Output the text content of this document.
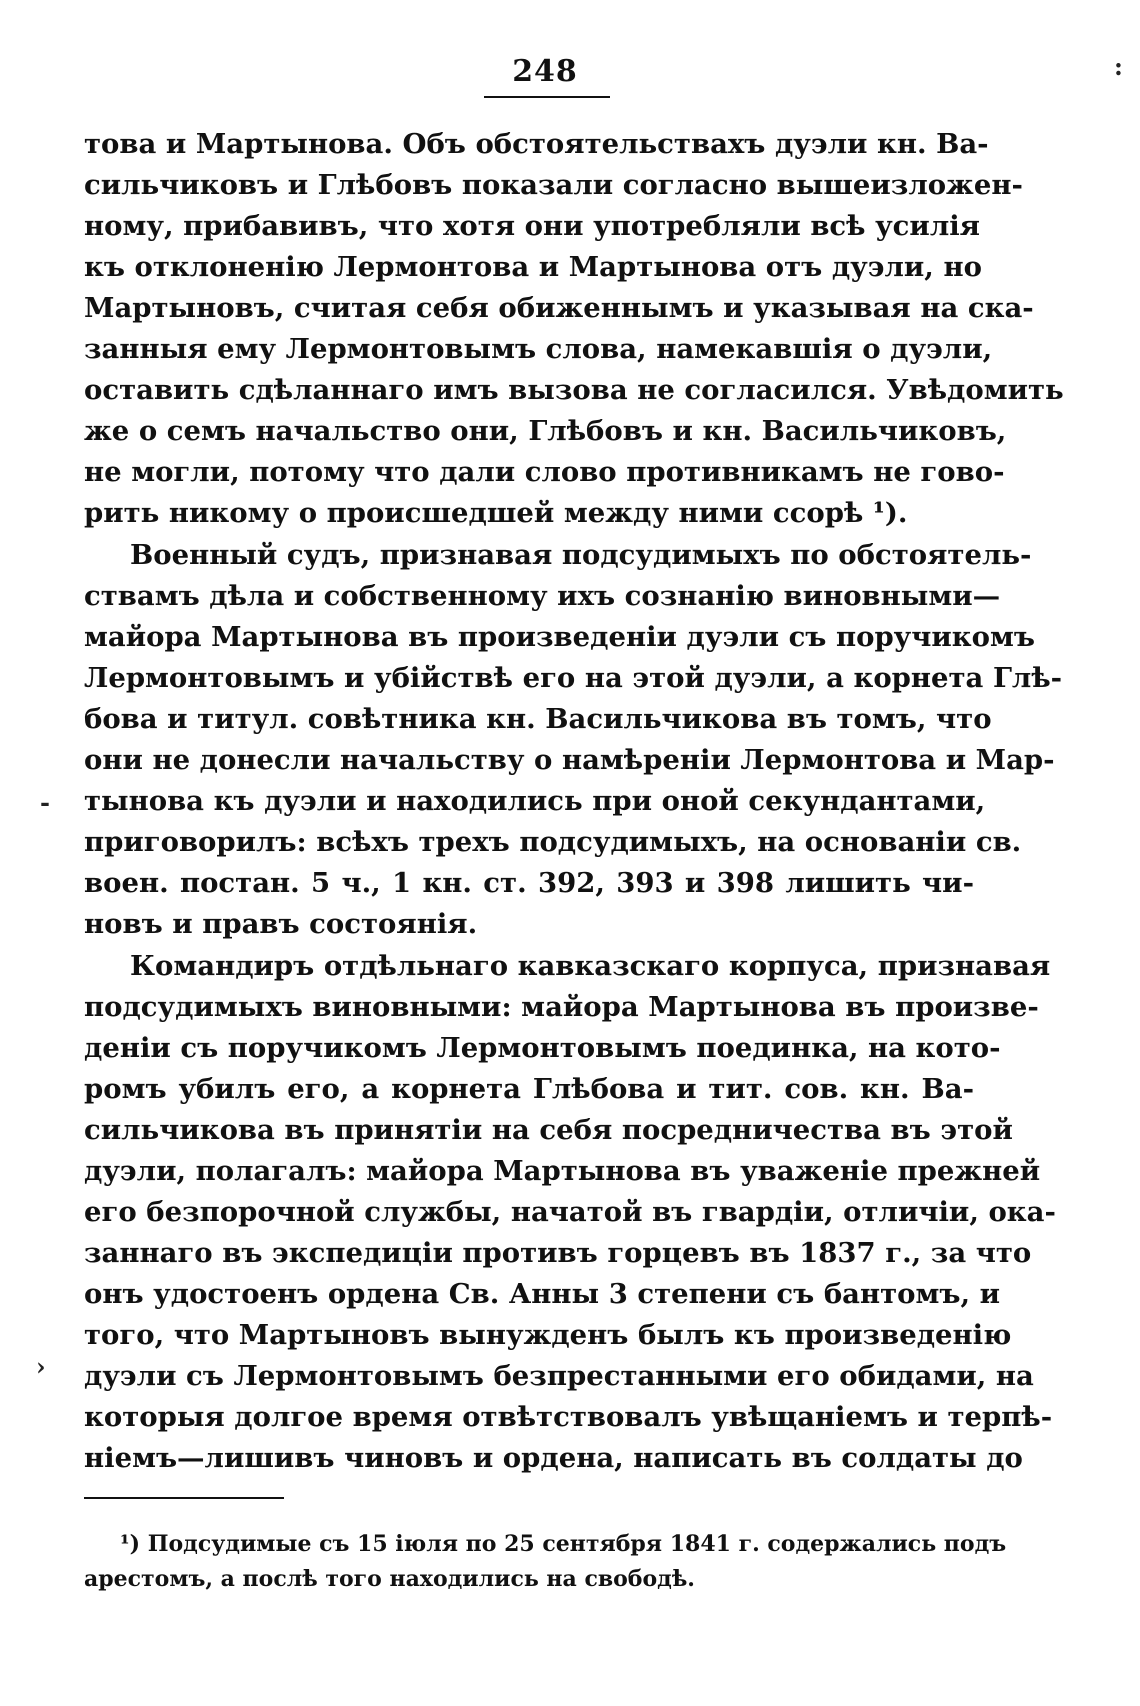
248	:
-
›
това и Мартынова. Объ обстоятельствахъ дуэли кн. Ва-
сильчиковъ и Глѣбовъ показали согласно вышеизложен-
ному, прибавивъ, что хотя они употребляли всѣ усилія
къ отклоненію Лермонтова и Мартынова отъ дуэли, но
Мартыновъ, считая себя обиженнымъ и указывая на ска-
занныя ему Лермонтовымъ слова, намекавшія о дуэли,
оставить сдѣланнаго имъ вызова не согласился. Увѣдомить
же о семъ начальство они, Глѣбовъ и кн. Васильчиковъ,
не могли, потому что дали слово противникамъ не гово-
рить никому о происшедшей между ними ссорѣ ¹).
Военный судъ, признавая подсудимыхъ по обстоятель-
ствамъ дѣла и собственному ихъ сознанію виновными—
майора Мартынова въ произведеніи дуэли съ поручикомъ
Лермонтовымъ и убійствѣ его на этой дуэли, а корнета Глѣ-
бова и титул. совѣтника кн. Васильчикова въ томъ, что
они не донесли начальству о намѣреніи Лермонтова и Мар-
тынова къ дуэли и находились при оной секундантами,
приговорилъ: всѣхъ трехъ подсудимыхъ, на основаніи св.
воен. постан. 5 ч., 1 кн. ст. 392, 393 и 398 лишить чи-
новъ и правъ состоянія.
Командиръ отдѣльнаго кавказскаго корпуса, признавая
подсудимыхъ виновными: майора Мартынова въ произве-
деніи съ поручикомъ Лермонтовымъ поединка, на кото-
ромъ убилъ его, а корнета Глѣбова и тит. сов. кн. Ва-
сильчикова въ принятіи на себя посредничества въ этой
дуэли, полагалъ: майора Мартынова въ уваженіе прежней
его безпорочной службы, начатой въ гвардіи, отличіи, ока-
заннаго въ экспедиціи противъ горцевъ въ 1837 г., за что
онъ удостоенъ ордена Св. Анны 3 степени съ бантомъ, и
того, что Мартыновъ вынужденъ былъ къ произведенію
дуэли съ Лермонтовымъ безпрестанными его обидами, на
которыя долгое время отвѣтствовалъ увѣщаніемъ и терпѣ-
ніемъ—лишивъ чиновъ и ордена, написать въ солдаты до
¹) Подсудимые съ 15 іюля по 25 сентября 1841 г. содержались подъ
арестомъ, а послѣ того находились на свободѣ.
